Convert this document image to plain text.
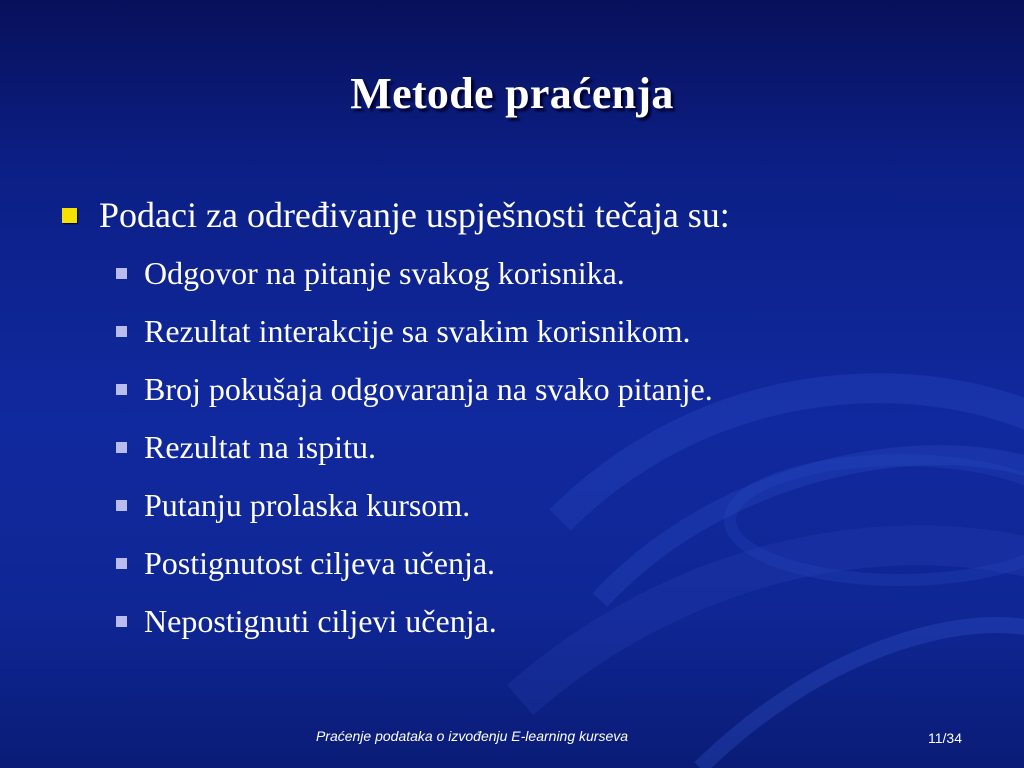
Metode praćenja
Podaci za određivanje uspješnosti tečaja su:
Odgovor na pitanje svakog korisnika.
Rezultat interakcije sa svakim korisnikom.
Broj pokušaja odgovaranja na svako pitanje.
Rezultat na ispitu.
Putanju prolaska kursom.
Postignutost ciljeva učenja.
Nepostignuti ciljevi učenja.
Praćenje podataka o izvođenju E-learning kurseva	11/34
